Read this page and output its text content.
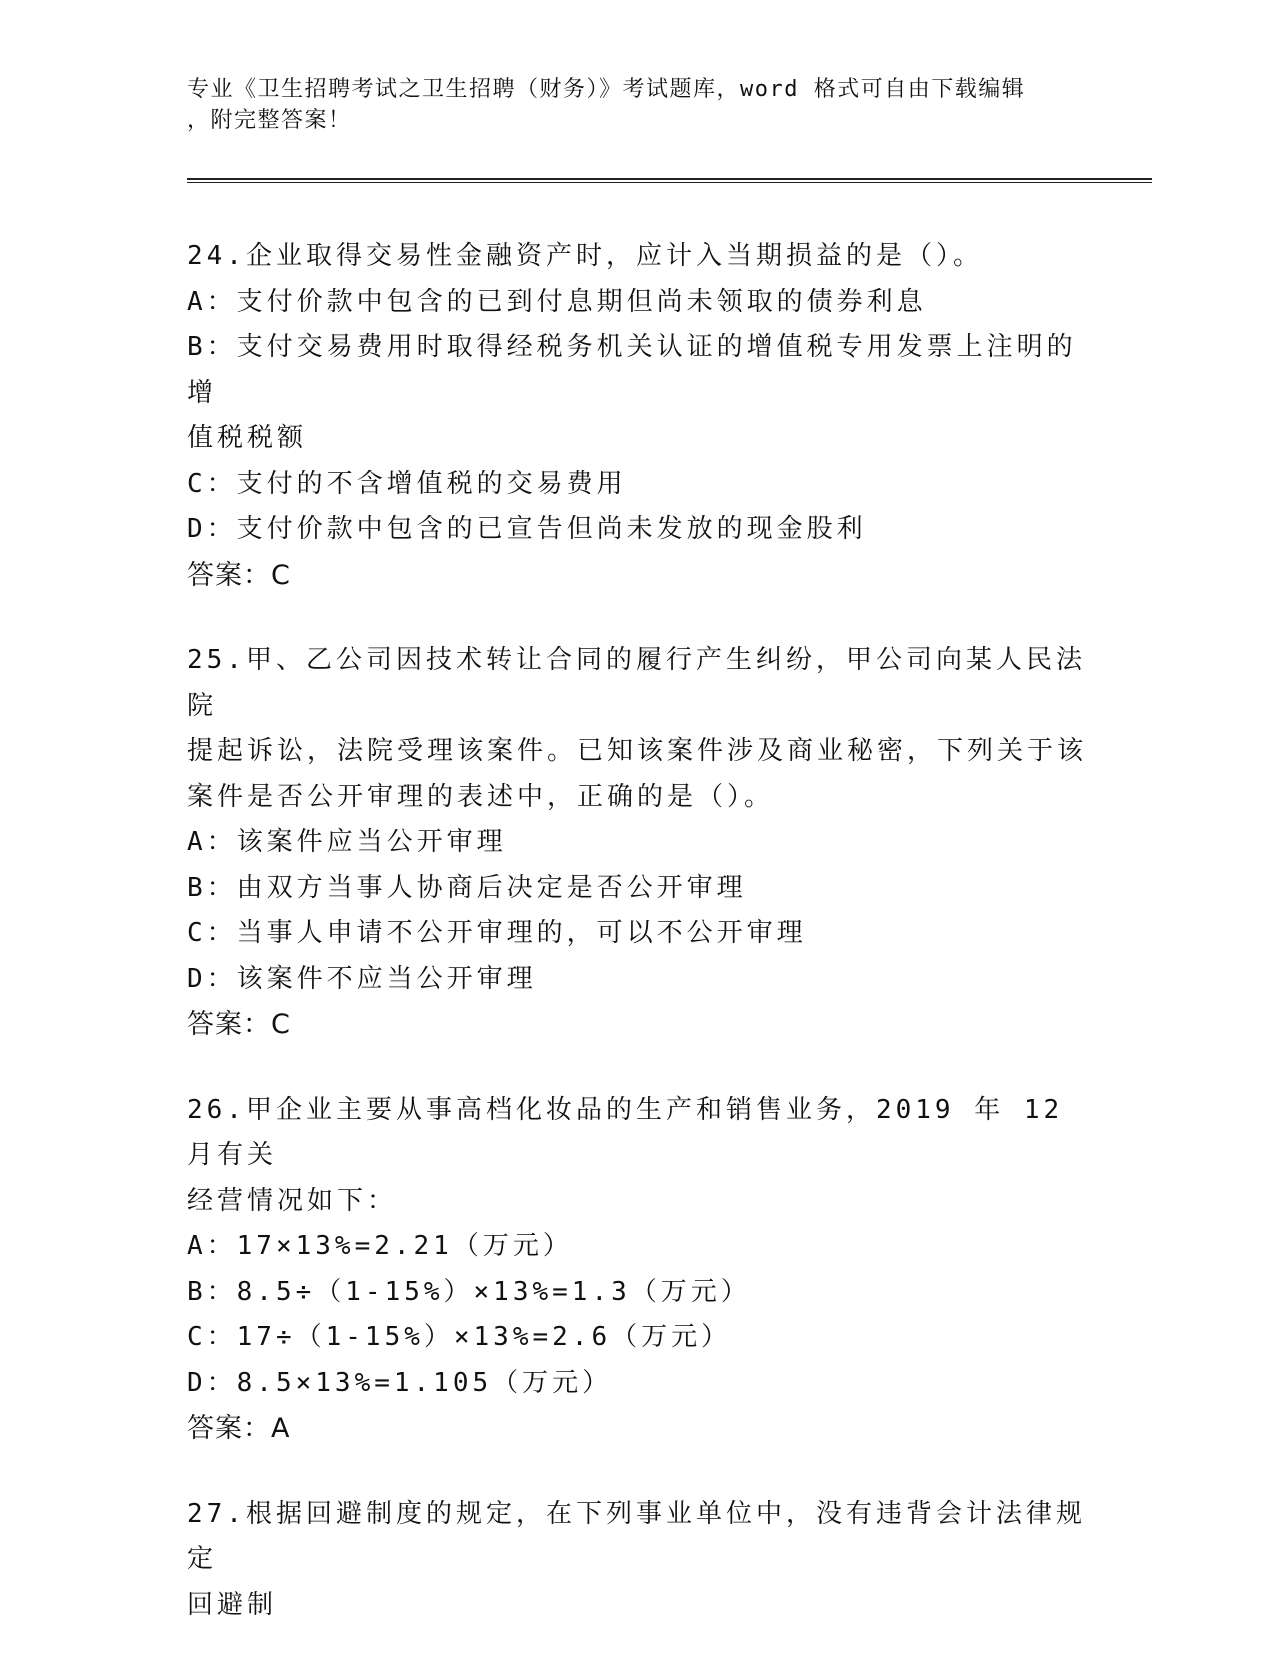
专业《卫生招聘考试之卫生招聘（财务）》考试题库，word 格式可自由下载编辑
，附完整答案！
24.企业取得交易性金融资产时，应计入当期损益的是（）。
A：支付价款中包含的已到付息期但尚未领取的债券利息
B：支付交易费用时取得经税务机关认证的增值税专用发票上注明的增
值税税额
C：支付的不含增值税的交易费用
D：支付价款中包含的已宣告但尚未发放的现金股利
答案：C
25.甲、乙公司因技术转让合同的履行产生纠纷，甲公司向某人民法院
提起诉讼，法院受理该案件。已知该案件涉及商业秘密，下列关于该
案件是否公开审理的表述中，正确的是（）。
A：该案件应当公开审理
B：由双方当事人协商后决定是否公开审理
C：当事人申请不公开审理的，可以不公开审理
D：该案件不应当公开审理
答案：C
26.甲企业主要从事高档化妆品的生产和销售业务，2019 年 12 月有关
经营情况如下：
A：17×13%=2.21（万元）
B：8.5÷（1-15%）×13%=1.3（万元）
C：17÷（1-15%）×13%=2.6（万元）
D：8.5×13%=1.105（万元）
答案：A
27.根据回避制度的规定，在下列事业单位中，没有违背会计法律规定
回避制
